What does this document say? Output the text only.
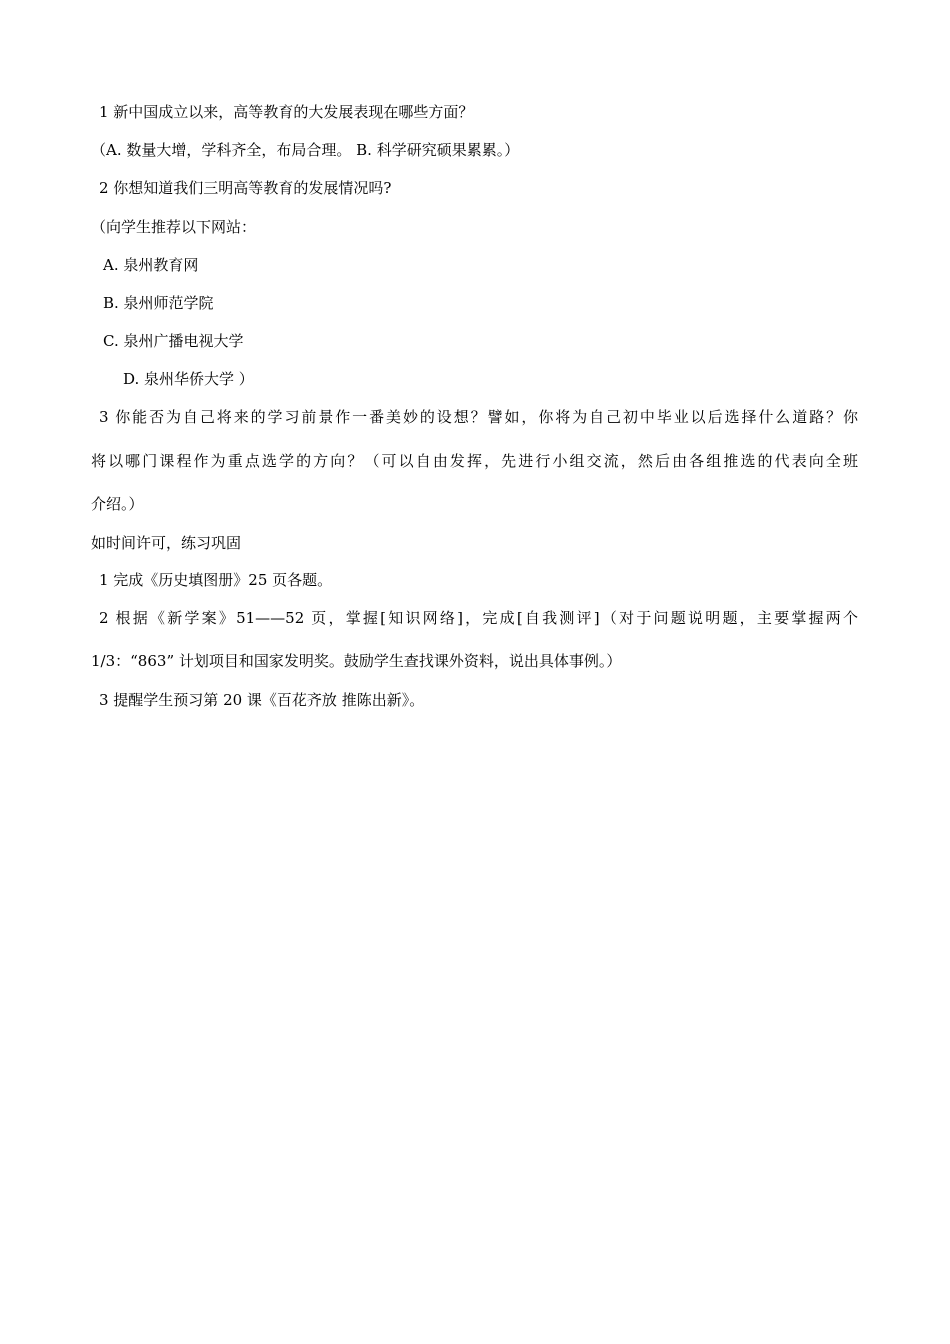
1 新中国成立以来，高等教育的大发展表现在哪些方面？
（A. 数量大增，学科齐全，布局合理。 B. 科学研究硕果累累。）
2 你想知道我们三明高等教育的发展情况吗?
（向学生推荐以下网站：
A. 泉州教育网
B. 泉州师范学院
C. 泉州广播电视大学
D. 泉州华侨大学 ）
3 你能否为自己将来的学习前景作一番美妙的设想？譬如，你将为自己初中毕业以后选择什么道路？你
将以哪门课程作为重点选学的方向？（可以自由发挥，先进行小组交流，然后由各组推选的代表向全班
介绍。）
如时间许可，练习巩固
1 完成《历史填图册》25 页各题。
2 根据《新学案》51——52 页，掌握[知识网络]，完成[自我测评]（对于问题说明题，主要掌握两个
1/3：“863” 计划项目和国家发明奖。鼓励学生查找课外资料，说出具体事例。）
3 提醒学生预习第 20 课《百花齐放 推陈出新》。
